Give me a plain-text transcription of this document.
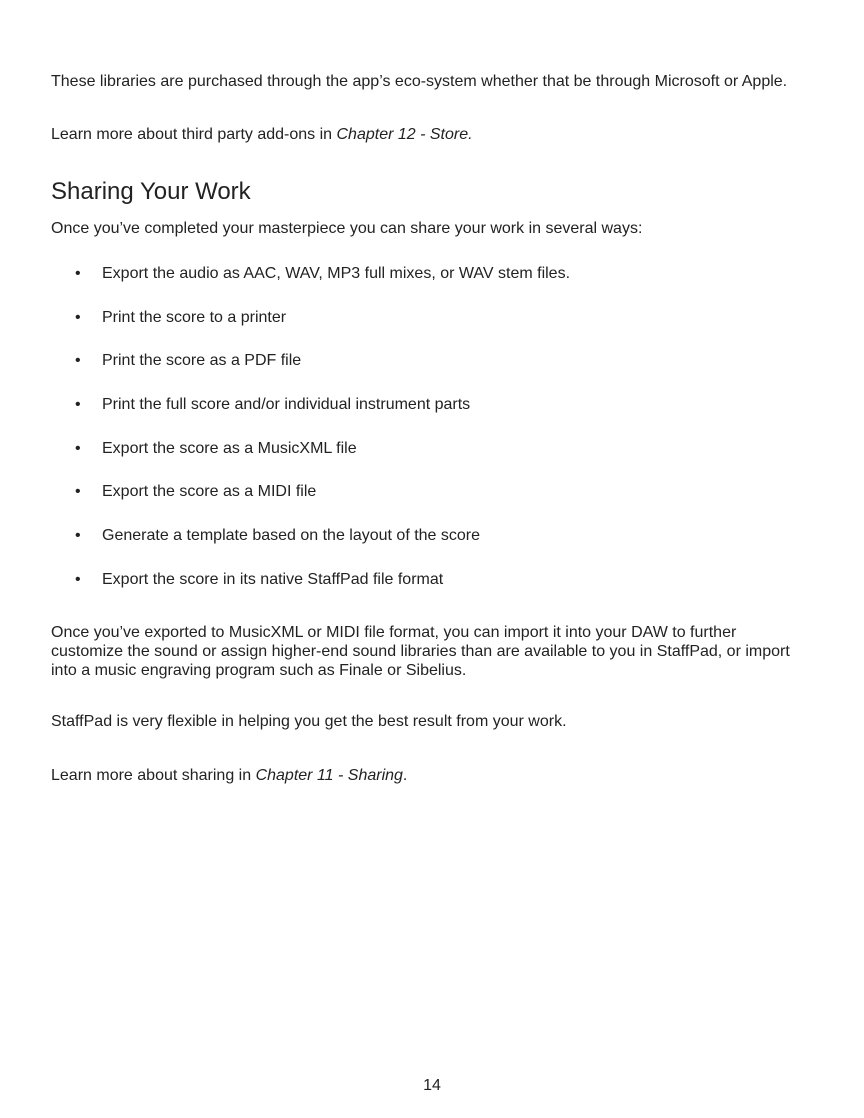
These libraries are purchased through the app’s eco-system whether that be through Microsoft or Apple.

Learn more about third party add-ons in Chapter 12 - Store.

Sharing Your Work

Once you’ve completed your masterpiece you can share your work in several ways:

• Export the audio as AAC, WAV, MP3 full mixes, or WAV stem files.
• Print the score to a printer
• Print the score as a PDF file
• Print the full score and/or individual instrument parts
• Export the score as a MusicXML file
• Export the score as a MIDI file
• Generate a template based on the layout of the score
• Export the score in its native StaffPad file format

Once you’ve exported to MusicXML or MIDI file format, you can import it into your DAW to further customize the sound or assign higher-end sound libraries than are available to you in StaffPad, or import into a music engraving program such as Finale or Sibelius.

StaffPad is very flexible in helping you get the best result from your work.

Learn more about sharing in Chapter 11 - Sharing.

14
